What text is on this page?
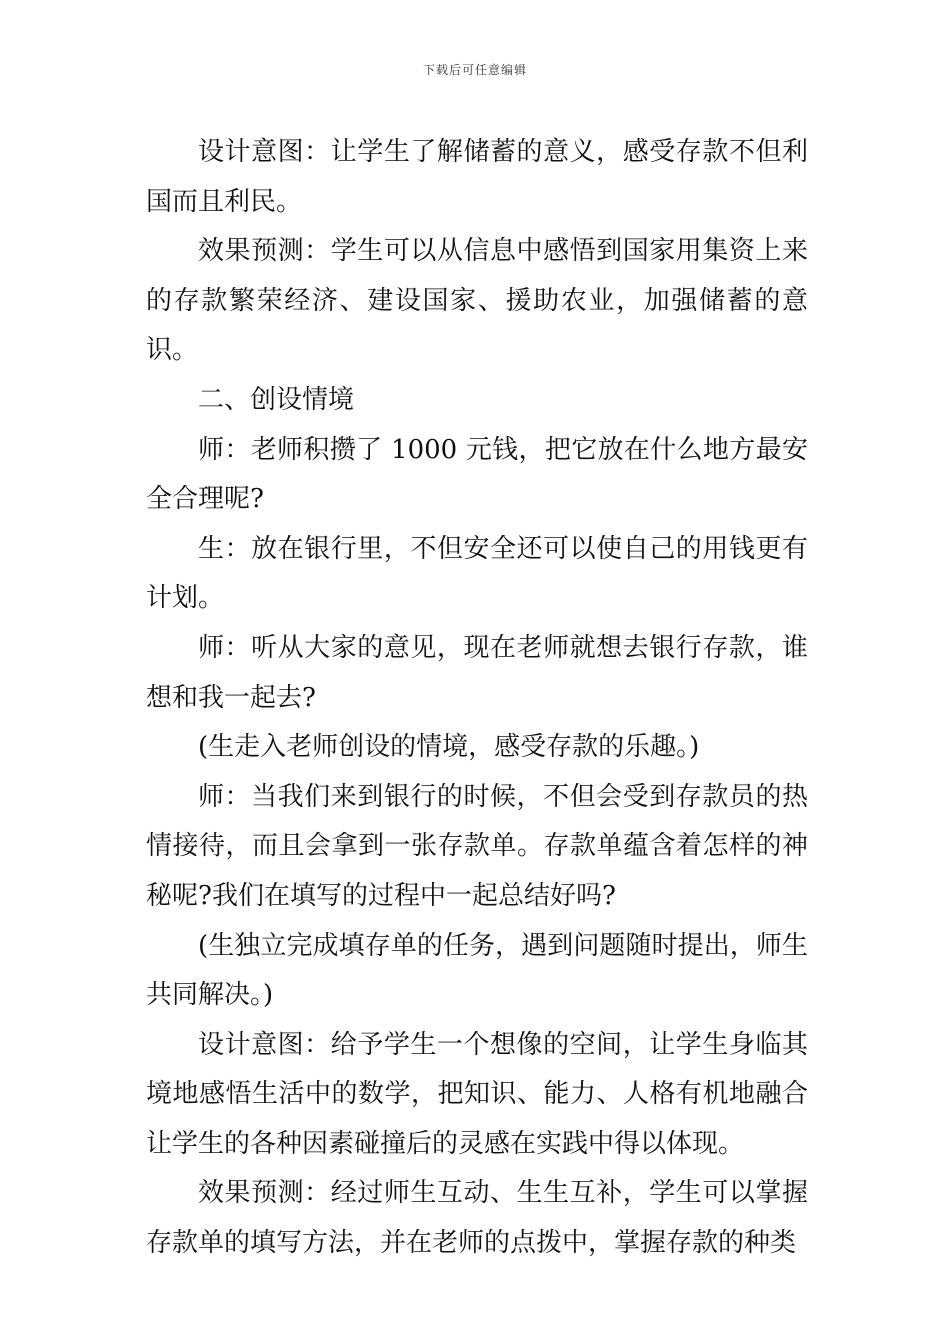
下载后可任意编辑

设计意图：让学生了解储蓄的意义，感受存款不但利国而且利民。

效果预测：学生可以从信息中感悟到国家用集资上来的存款繁荣经济、建设国家、援助农业，加强储蓄的意识。

二、创设情境

师：老师积攒了 1000 元钱，把它放在什么地方最安全合理呢?

生：放在银行里，不但安全还可以使自己的用钱更有计划。

师：听从大家的意见，现在老师就想去银行存款，谁想和我一起去?

(生走入老师创设的情境，感受存款的乐趣。)

师：当我们来到银行的时候，不但会受到存款员的热情接待，而且会拿到一张存款单。存款单蕴含着怎样的神秘呢?我们在填写的过程中一起总结好吗?

(生独立完成填存单的任务，遇到问题随时提出，师生共同解决。)

设计意图：给予学生一个想像的空间，让学生身临其境地感悟生活中的数学，把知识、能力、人格有机地融合让学生的各种因素碰撞后的灵感在实践中得以体现。

效果预测：经过师生互动、生生互补，学生可以掌握存款单的填写方法，并在老师的点拨中，掌握存款的种类
